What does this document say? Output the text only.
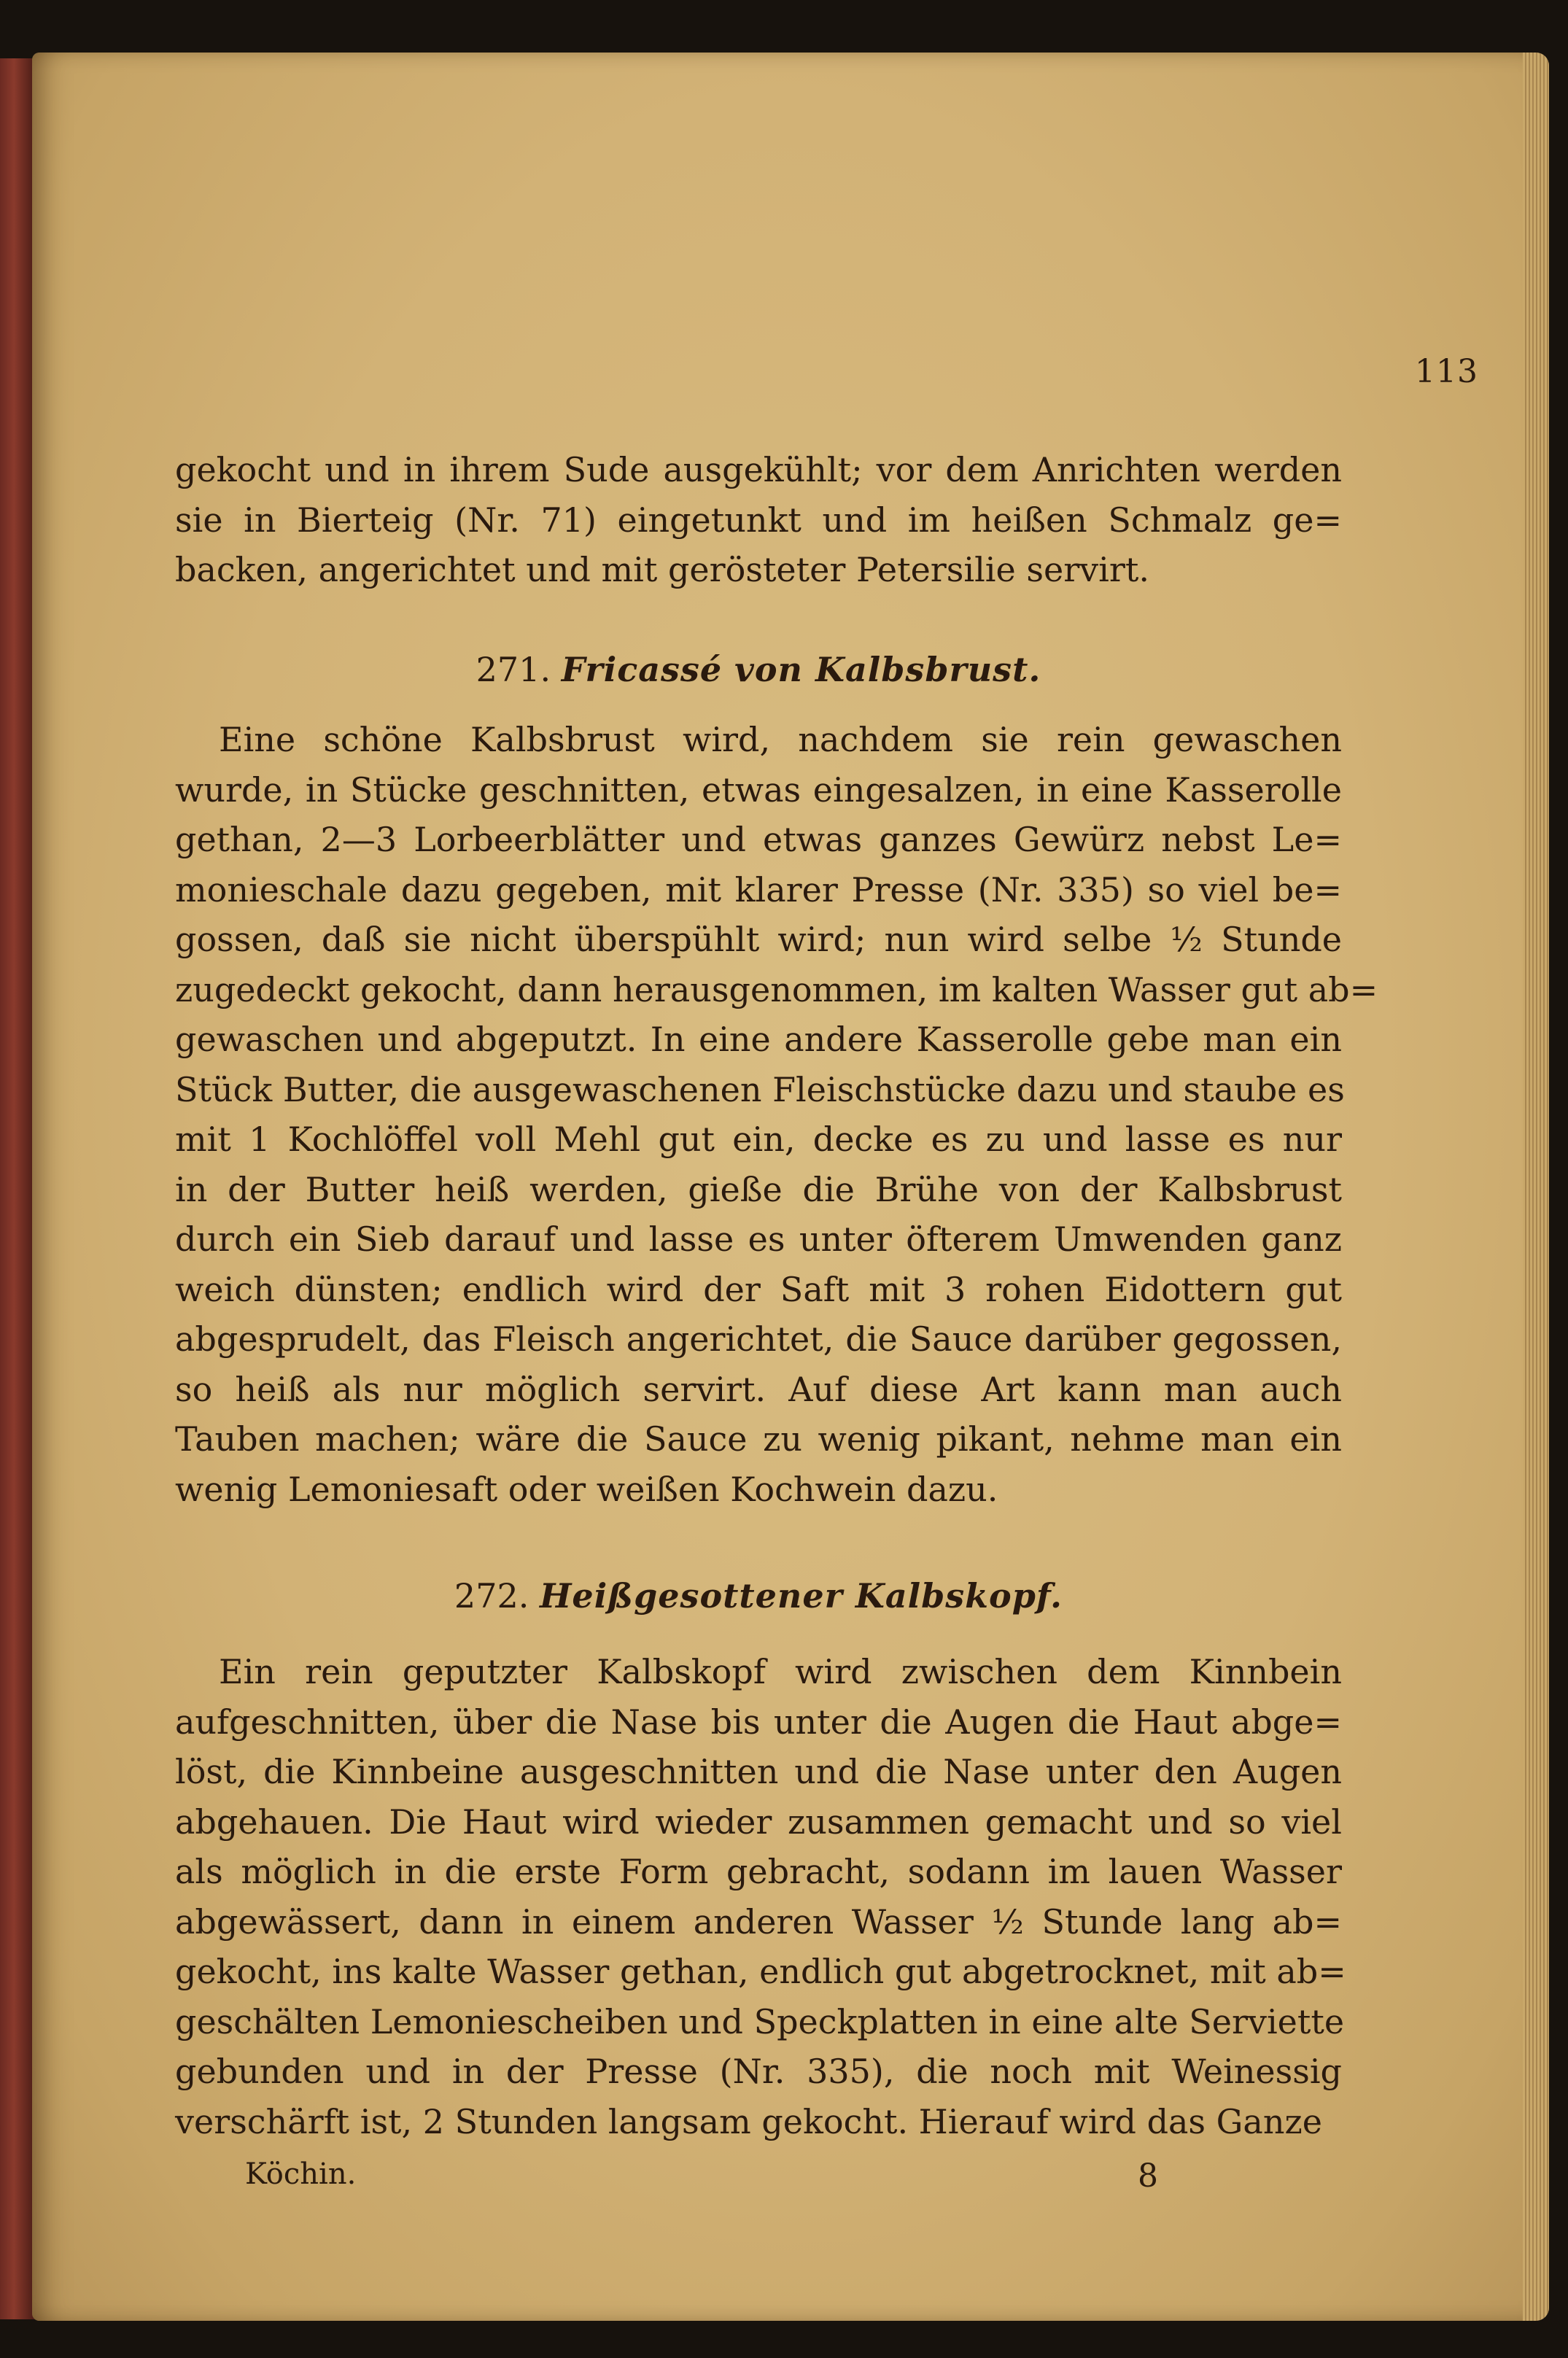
113
gekocht und in ihrem Sude ausgekühlt; vor dem Anrichten werden
sie in Bierteig (Nr. 71) eingetunkt und im heißen Schmalz ge=
backen, angerichtet und mit gerösteter Petersilie servirt.
271. Fricassé von Kalbsbrust.
Eine schöne Kalbsbrust wird, nachdem sie rein gewaschen
wurde, in Stücke geschnitten, etwas eingesalzen, in eine Kasserolle
gethan, 2—3 Lorbeerblätter und etwas ganzes Gewürz nebst Le=
monieschale dazu gegeben, mit klarer Presse (Nr. 335) so viel be=
gossen, daß sie nicht überspühlt wird; nun wird selbe ½ Stunde
zugedeckt gekocht, dann herausgenommen, im kalten Wasser gut ab=
gewaschen und abgeputzt. In eine andere Kasserolle gebe man ein
Stück Butter, die ausgewaschenen Fleischstücke dazu und staube es
mit 1 Kochlöffel voll Mehl gut ein, decke es zu und lasse es nur
in der Butter heiß werden, gieße die Brühe von der Kalbsbrust
durch ein Sieb darauf und lasse es unter öfterem Umwenden ganz
weich dünsten; endlich wird der Saft mit 3 rohen Eidottern gut
abgesprudelt, das Fleisch angerichtet, die Sauce darüber gegossen,
so heiß als nur möglich servirt. Auf diese Art kann man auch
Tauben machen; wäre die Sauce zu wenig pikant, nehme man ein
wenig Lemoniesaft oder weißen Kochwein dazu.
272. Heißgesottener Kalbskopf.
Ein rein geputzter Kalbskopf wird zwischen dem Kinnbein
aufgeschnitten, über die Nase bis unter die Augen die Haut abge=
löst, die Kinnbeine ausgeschnitten und die Nase unter den Augen
abgehauen. Die Haut wird wieder zusammen gemacht und so viel
als möglich in die erste Form gebracht, sodann im lauen Wasser
abgewässert, dann in einem anderen Wasser ½ Stunde lang ab=
gekocht, ins kalte Wasser gethan, endlich gut abgetrocknet, mit ab=
geschälten Lemoniescheiben und Speckplatten in eine alte Serviette
gebunden und in der Presse (Nr. 335), die noch mit Weinessig
verschärft ist, 2 Stunden langsam gekocht. Hierauf wird das Ganze
Köchin.	8
